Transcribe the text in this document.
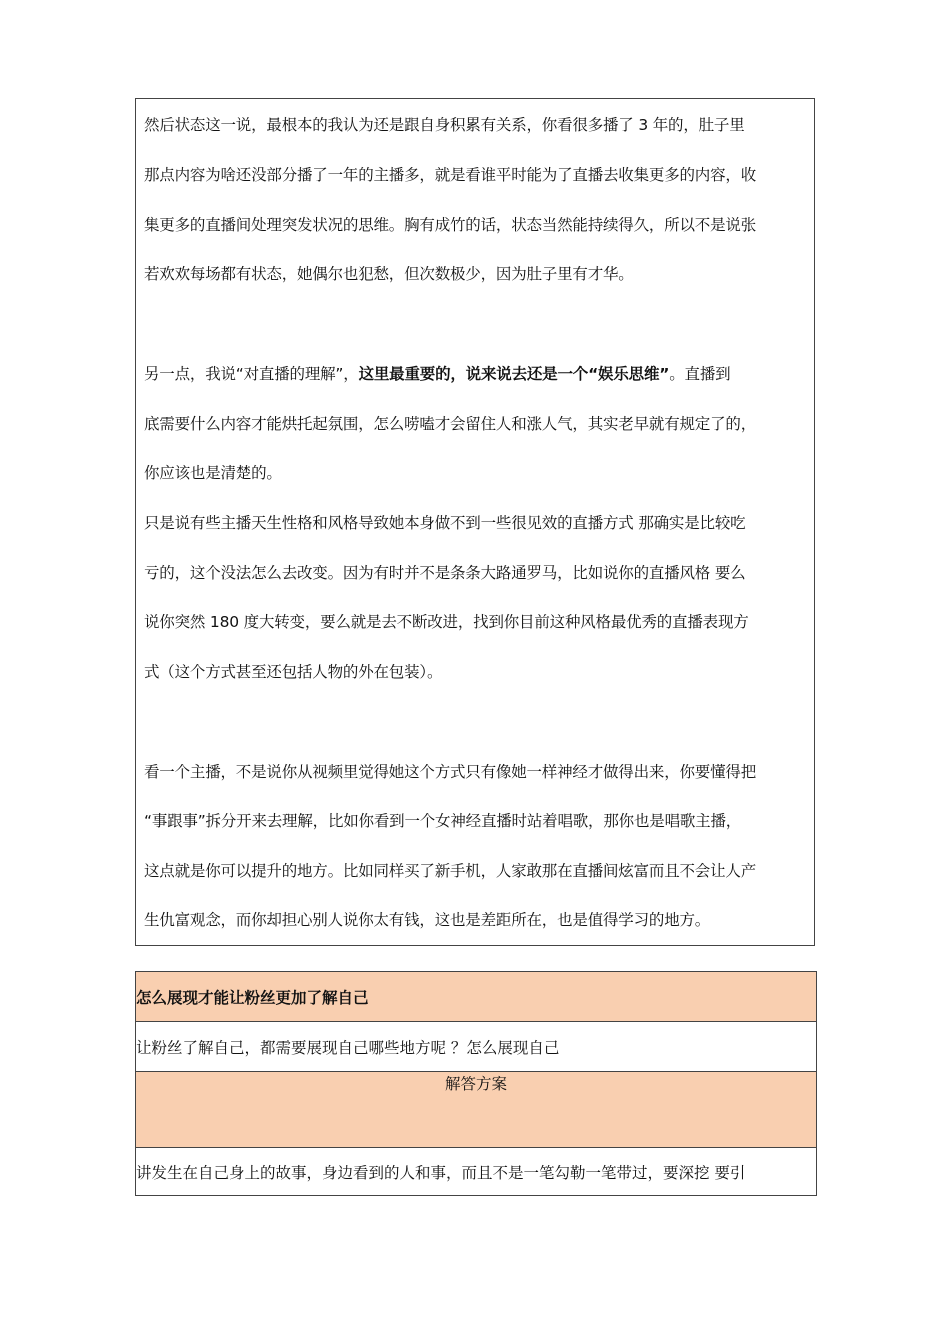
然后状态这一说，最根本的我认为还是跟自身积累有关系，你看很多播了 3 年的，肚子里
那点内容为啥还没部分播了一年的主播多，就是看谁平时能为了直播去收集更多的内容，收
集更多的直播间处理突发状况的思维。胸有成竹的话，状态当然能持续得久，所以不是说张
若欢欢每场都有状态，她偶尔也犯愁，但次数极少，因为肚子里有才华。
另一点，我说“对直播的理解”，这里最重要的，说来说去还是一个“娱乐思维”。直播到
底需要什么内容才能烘托起氛围，怎么唠嗑才会留住人和涨人气，其实老早就有规定了的，
你应该也是清楚的。
只是说有些主播天生性格和风格导致她本身做不到一些很见效的直播方式 那确实是比较吃
亏的，这个没法怎么去改变。因为有时并不是条条大路通罗马，比如说你的直播风格 要么
说你突然 180 度大转变，要么就是去不断改进，找到你目前这种风格最优秀的直播表现方
式（这个方式甚至还包括人物的外在包装）。
看一个主播，不是说你从视频里觉得她这个方式只有像她一样神经才做得出来，你要懂得把
“事跟事”拆分开来去理解，比如你看到一个女神经直播时站着唱歌，那你也是唱歌主播，
这点就是你可以提升的地方。比如同样买了新手机，人家敢那在直播间炫富而且不会让人产
生仇富观念，而你却担心别人说你太有钱，这也是差距所在，也是值得学习的地方。
怎么展现才能让粉丝更加了解自己
让粉丝了解自己，都需要展现自己哪些地方呢 ？怎么展现自己
解答方案
讲发生在自己身上的故事，身边看到的人和事，而且不是一笔勾勒一笔带过，要深挖 要引
